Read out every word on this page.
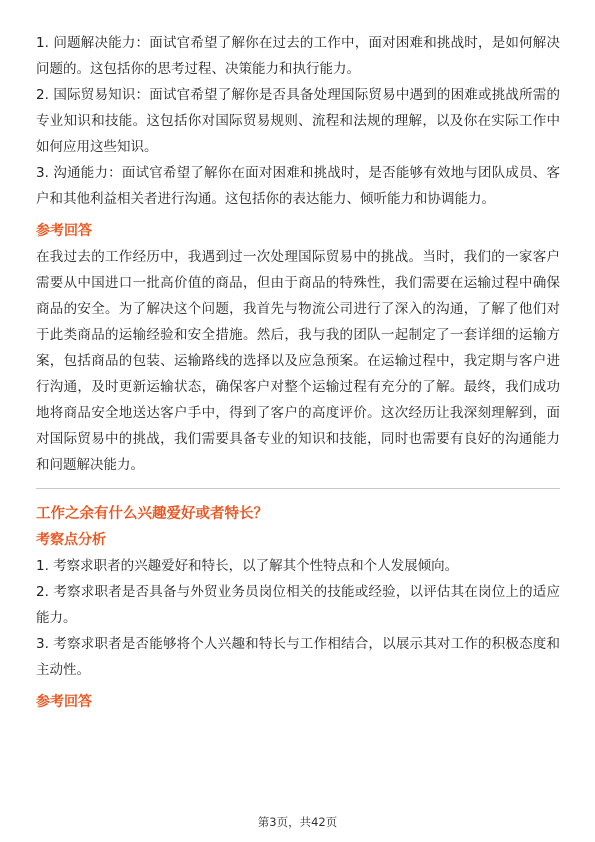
1. 问题解决能力：面试官希望了解你在过去的工作中，面对困难和挑战时，是如何解决问题的。这包括你的思考过程、决策能力和执行能力。

2. 国际贸易知识：面试官希望了解你是否具备处理国际贸易中遇到的困难或挑战所需的专业知识和技能。这包括你对国际贸易规则、流程和法规的理解，以及你在实际工作中如何应用这些知识。

3. 沟通能力：面试官希望了解你在面对困难和挑战时，是否能够有效地与团队成员、客户和其他利益相关者进行沟通。这包括你的表达能力、倾听能力和协调能力。

参考回答

在我过去的工作经历中，我遇到过一次处理国际贸易中的挑战。当时，我们的一家客户需要从中国进口一批高价值的商品，但由于商品的特殊性，我们需要在运输过程中确保商品的安全。为了解决这个问题，我首先与物流公司进行了深入的沟通，了解了他们对于此类商品的运输经验和安全措施。然后，我与我的团队一起制定了一套详细的运输方案，包括商品的包装、运输路线的选择以及应急预案。在运输过程中，我定期与客户进行沟通，及时更新运输状态，确保客户对整个运输过程有充分的了解。最终，我们成功地将商品安全地送达客户手中，得到了客户的高度评价。这次经历让我深刻理解到，面对国际贸易中的挑战，我们需要具备专业的知识和技能，同时也需要有良好的沟通能力和问题解决能力。

工作之余有什么兴趣爱好或者特长？

考察点分析

1. 考察求职者的兴趣爱好和特长，以了解其个性特点和个人发展倾向。

2. 考察求职者是否具备与外贸业务员岗位相关的技能或经验，以评估其在岗位上的适应能力。

3. 考察求职者是否能够将个人兴趣和特长与工作相结合，以展示其对工作的积极态度和主动性。

参考回答

第3页，共42页
